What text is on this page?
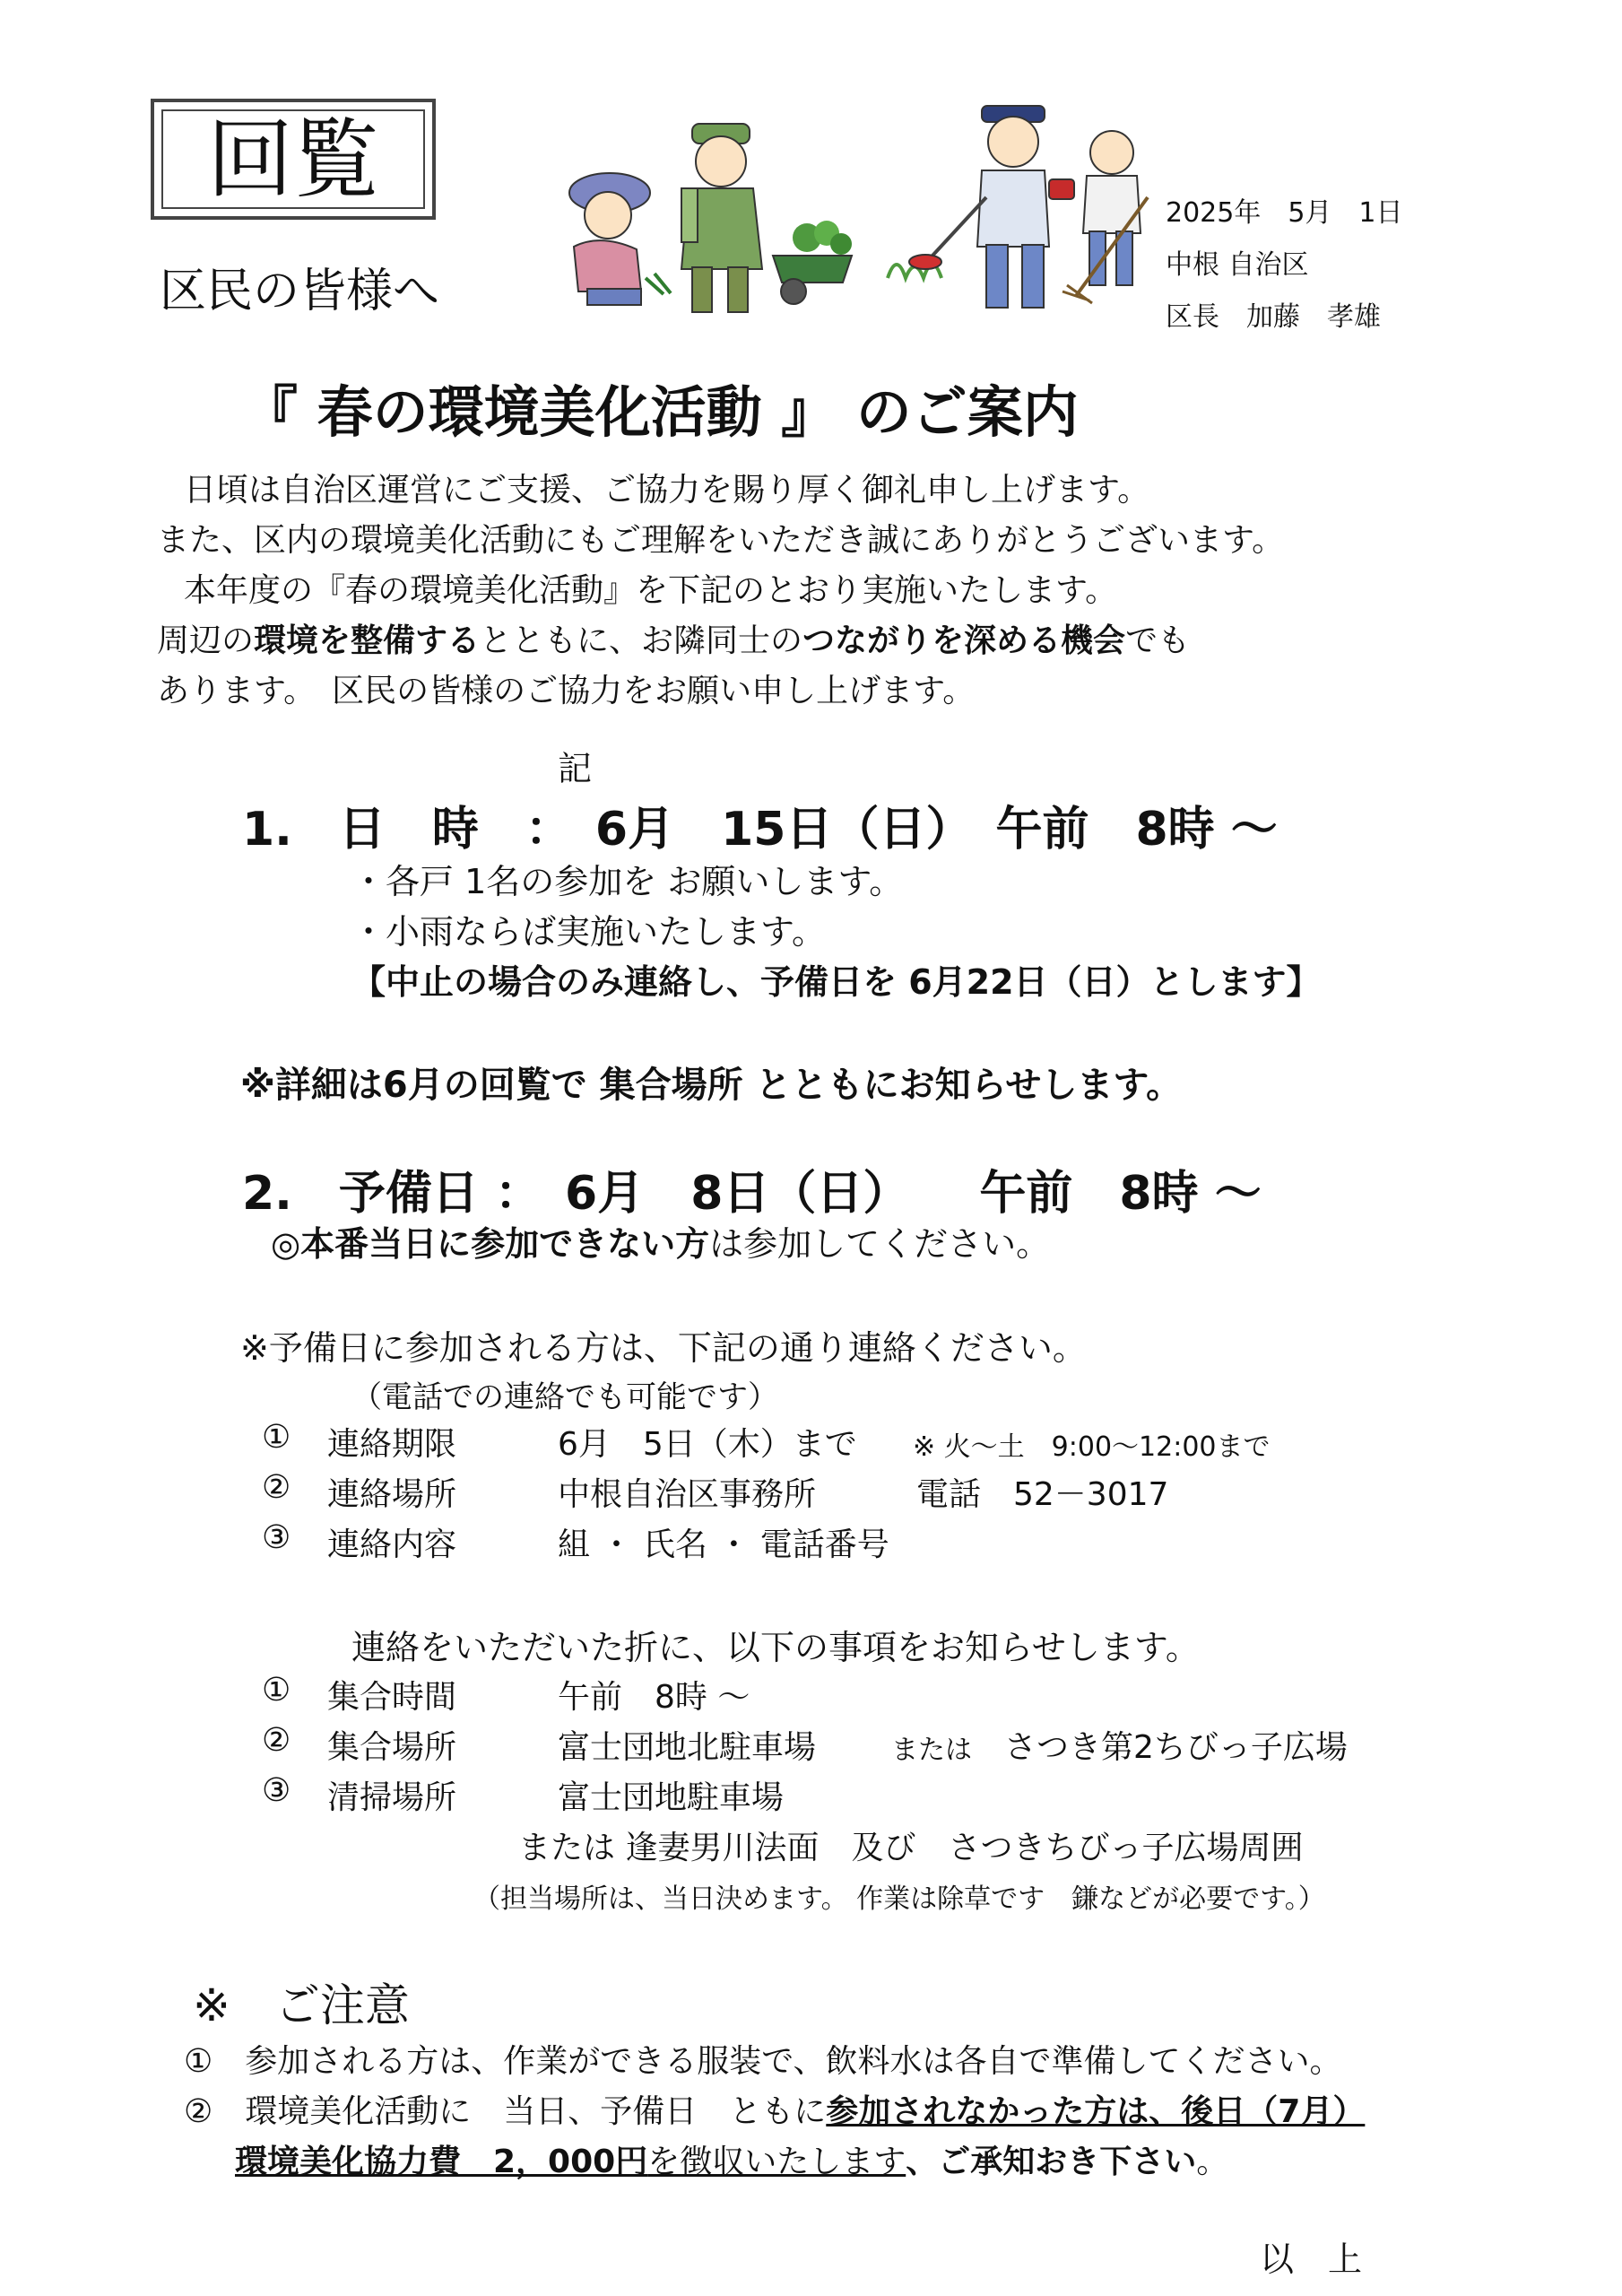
回覧
区民の皆様へ
2025年　5月　1日
中根 自治区
区長　加藤　孝雄
『 春の環境美化活動 』 のご案内
日頃は自治区運営にご支援、ご協力を賜り厚く御礼申し上げます。
また、区内の環境美化活動にもご理解をいただき誠にありがとうございます。
本年度の『春の環境美化活動』を下記のとおり実施いたします。
周辺の環境を整備するとともに、お隣同士のつながりを深める機会でも
あります。　区民の皆様のご協力をお願い申し上げます。
記
1.　日　時　：　6月　15日（日）　午前　8時 ～
・各戸 1名の参加を お願いします。
・小雨ならば実施いたします。
【中止の場合のみ連絡し、予備日を 6月22日（日）とします】
※詳細は6月の回覧で 集合場所 とともにお知らせします。
2.　予備日 ：　6月　8日（日）　　午前　8時 ～
◎本番当日に参加できない方は参加してください。
※予備日に参加される方は、下記の通り連絡ください。
（電話での連絡でも可能です）
① 連絡期限	6月　5日（木）まで ※ 火～土　9:00～12:00まで
② 連絡場所	中根自治区事務所	電話　52－3017
③ 連絡内容	組 ・ 氏名 ・ 電話番号
連絡をいただいた折に、以下の事項をお知らせします。
① 集合時間	午前　8時 ～
② 集合場所	富士団地北駐車場	または さつき第2ちびっ子広場
③ 清掃場所	富士団地駐車場
または 逢妻男川法面　及び　さつきちびっ子広場周囲
（担当場所は、当日決めます。 作業は除草です　鎌などが必要です。）
※　ご注意
①　参加される方は、作業ができる服装で、飲料水は各自で準備してください。
②　環境美化活動に　当日、予備日　ともに参加されなかった方は、後日（7月）
環境美化協力費　2，000円を徴収いたします、ご承知おき下さい。
以　上
